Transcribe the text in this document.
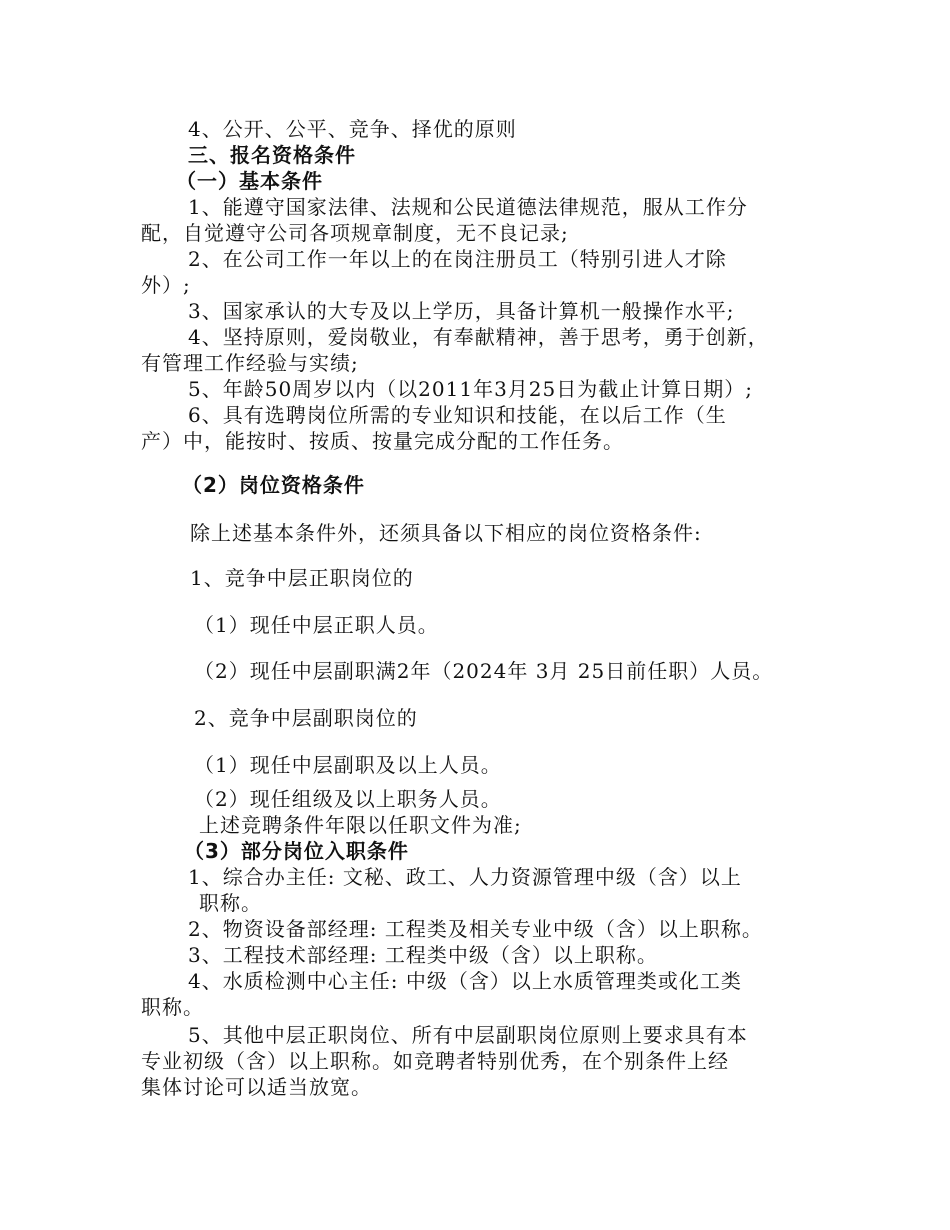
4、公开、公平、竞争、择优的原则
三、报名资格条件
（一）基本条件
1、能遵守国家法律、法规和公民道德法律规范，服从工作分
配，自觉遵守公司各项规章制度，无不良记录;
2、在公司工作一年以上的在岗注册员工（特别引进人才除
外）;
3、国家承认的大专及以上学历，具备计算机一般操作水平;
4、坚持原则，爱岗敬业，有奉献精神，善于思考，勇于创新，
有管理工作经验与实绩;
5、年龄50周岁以内（以2011年3月25日为截止计算日期）;
6、具有选聘岗位所需的专业知识和技能，在以后工作（生
产）中，能按时、按质、按量完成分配的工作任务。
（2）岗位资格条件
除上述基本条件外，还须具备以下相应的岗位资格条件:
1、竞争中层正职岗位的
（1）现任中层正职人员。
（2）现任中层副职满2年（2024年 3月 25日前任职）人员。
2、竞争中层副职岗位的
（1）现任中层副职及以上人员。
（2）现任组级及以上职务人员。
上述竞聘条件年限以任职文件为准;
（3）部分岗位入职条件
1、综合办主任: 文秘、政工、人力资源管理中级（含）以上
职称。
2、物资设备部经理: 工程类及相关专业中级（含）以上职称。
3、工程技术部经理: 工程类中级（含）以上职称。
4、水质检测中心主任: 中级（含）以上水质管理类或化工类
职称。
5、其他中层正职岗位、所有中层副职岗位原则上要求具有本
专业初级（含）以上职称。如竞聘者特别优秀，在个别条件上经
集体讨论可以适当放宽。
